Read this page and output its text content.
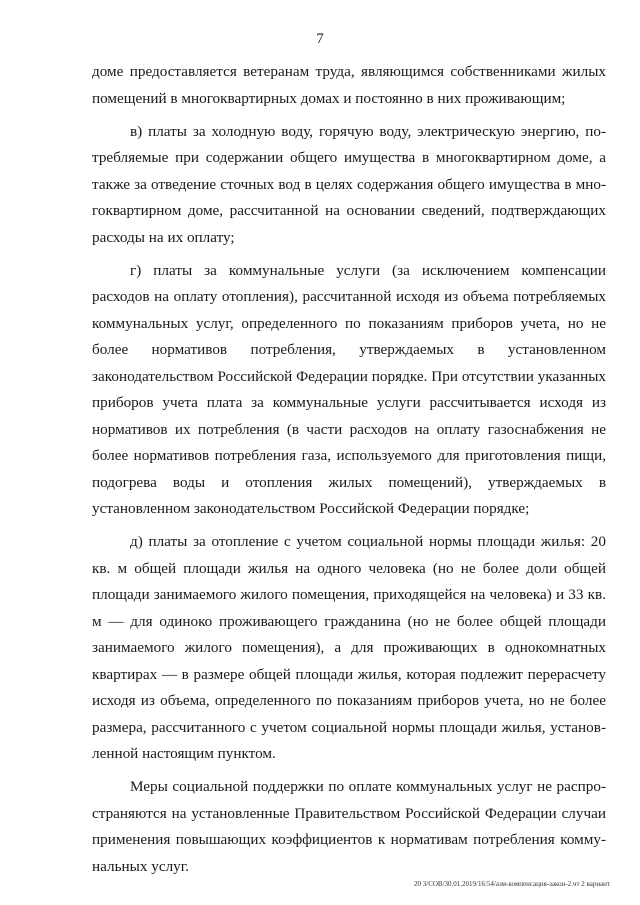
7

доме предоставляется ветеранам труда, являющимся собственниками жилых помещений в многоквартирных домах и постоянно в них проживающим;

в) платы за холодную воду, горячую воду, электрическую энергию, потребляемые при содержании общего имущества в многоквартирном доме, а также за отведение сточных вод в целях содержания общего имущества в многоквартирном доме, рассчитанной на основании сведений, подтверждающих расходы на их оплату;

г) платы за коммунальные услуги (за исключением компенсации расходов на оплату отопления), рассчитанной исходя из объема потребляемых коммунальных услуг, определенного по показаниям приборов учета, но не более нормативов потребления, утверждаемых в установленном законодательством Российской Федерации порядке. При отсутствии указанных приборов учета плата за коммунальные услуги рассчитывается исходя из нормативов их потребления (в части расходов на оплату газоснабжения не более нормативов потребления газа, используемого для приготовления пищи, подогрева воды и отопления жилых помещений), утверждаемых в установленном законодательством Российской Федерации порядке;

д) платы за отопление с учетом социальной нормы площади жилья: 20 кв. м общей площади жилья на одного человека (но не более доли общей площади занимаемого жилого помещения, приходящейся на человека) и 33 кв. м — для одиноко проживающего гражданина (но не более общей площади занимаемого жилого помещения), а для проживающих в однокомнатных квартирах — в размере общей площади жилья, которая подлежит перерасчету исходя из объема, определенного по показаниям приборов учета, но не более размера, рассчитанного с учетом социальной нормы площади жилья, установленной настоящим пунктом.

Меры социальной поддержки по оплате коммунальных услуг не распространяются на установленные Правительством Российской Федерации случаи применения повышающих коэффициентов к нормативам потребления коммунальных услуг.

20 3/СОВ/30.01.2019/16:54/азм-компенсация-закон-2.чт 2 вариант
